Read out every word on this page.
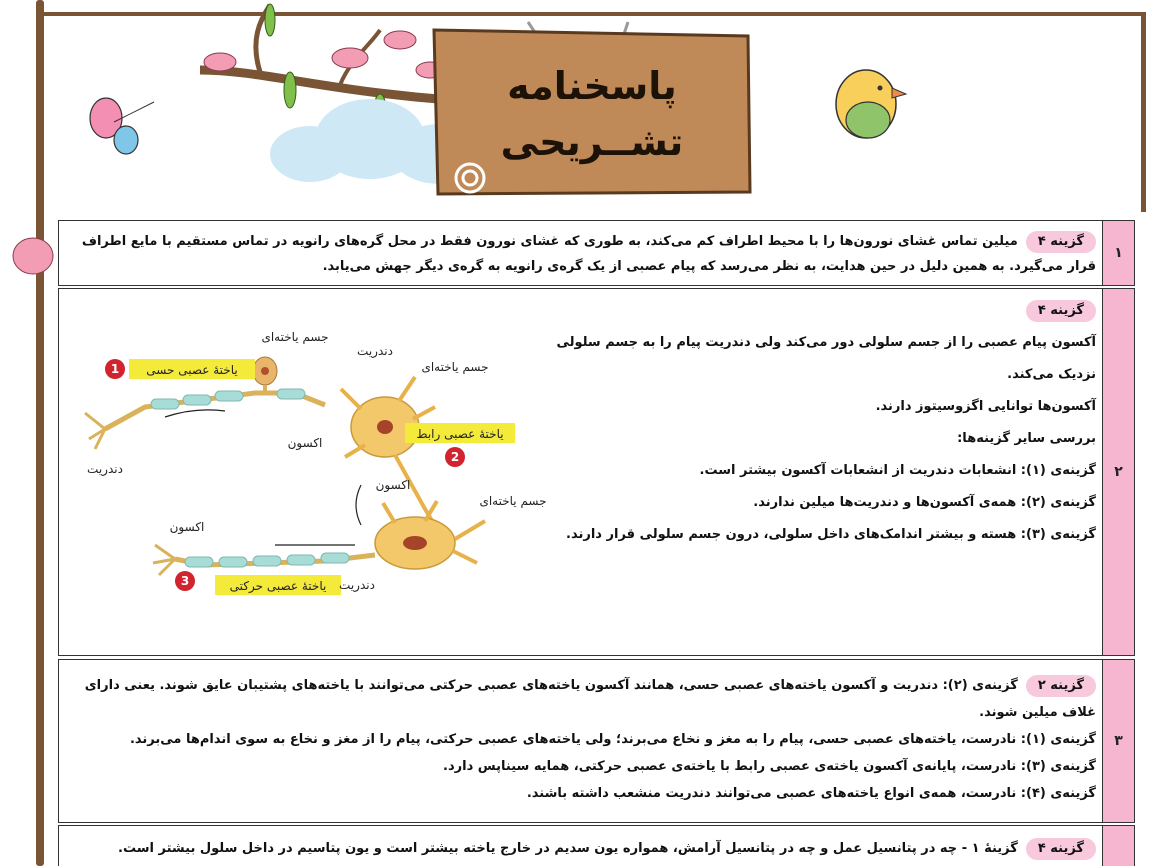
پاسخنامه
تشــریحی
۱
گزینه ۴میلین تماس غشای نورون‌ها را با محیط اطراف کم می‌کند، به طوری که غشای نورون فقط در محل گره‌های رانویه در تماس مستقیم با مایع اطراف قرار می‌گیرد. به همین دلیل در حین هدایت، به نظر می‌رسد که پیام عصبی از یک گره‌ی رانویه به گره‌ی دیگر جهش می‌یابد.
۲
گزینه ۴
آکسون پیام عصبی را از جسم سلولی دور می‌کند ولی دندریت پیام را به جسم سلولی نزدیک می‌کند.
آکسون‌ها توانایی اگزوسیتوز دارند.
بررسی سایر گزینه‌ها:
گزینه‌ی (۱): انشعابات دندریت از انشعابات آکسون بیشتر است.
گزینه‌ی (۲): همه‌ی آکسون‌ها و دندریت‌ها میلین ندارند.
گزینه‌ی (۳): هسته و بیشتر اندامک‌های داخل سلولی، درون جسم سلولی قرار دارند.
1
2
3
یاختهٔ عصبی حسی
یاختهٔ عصبی رابط
یاختهٔ عصبی حرکتی
جسم یاخته‌ای
دندریت
جسم یاخته‌ای
دندریت
اکسون
اکسون
جسم یاخته‌ای
اکسون
دندریت
۳
گزینه ۲گزینه‌ی (۲): دندریت و آکسون یاخته‌های عصبی حسی، همانند آکسون یاخته‌های عصبی حرکتی می‌توانند با یاخته‌های پشتیبان عایق شوند. یعنی دارای غلاف میلین شوند.
گزینه‌ی (۱): نادرست، یاخته‌های عصبی حسی، پیام را به مغز و نخاع می‌برند؛ ولی یاخته‌های عصبی حرکتی، پیام را از مغز و نخاع به سوی اندام‌ها می‌برند.
گزینه‌ی (۳): نادرست، پایانه‌ی آکسون یاخته‌ی عصبی رابط با یاخته‌ی عصبی حرکتی، همایه سیناپس دارد.
گزینه‌ی (۴): نادرست، همه‌ی انواع یاخته‌های عصبی می‌توانند دندریت منشعب داشته باشند.
گزینه ۴گزینهٔ ۱ - چه در پتانسیل عمل و چه در پتانسیل آرامش، همواره یون سدیم در خارج یاخته بیشتر است و یون پتاسیم در داخل سلول بیشتر است.
